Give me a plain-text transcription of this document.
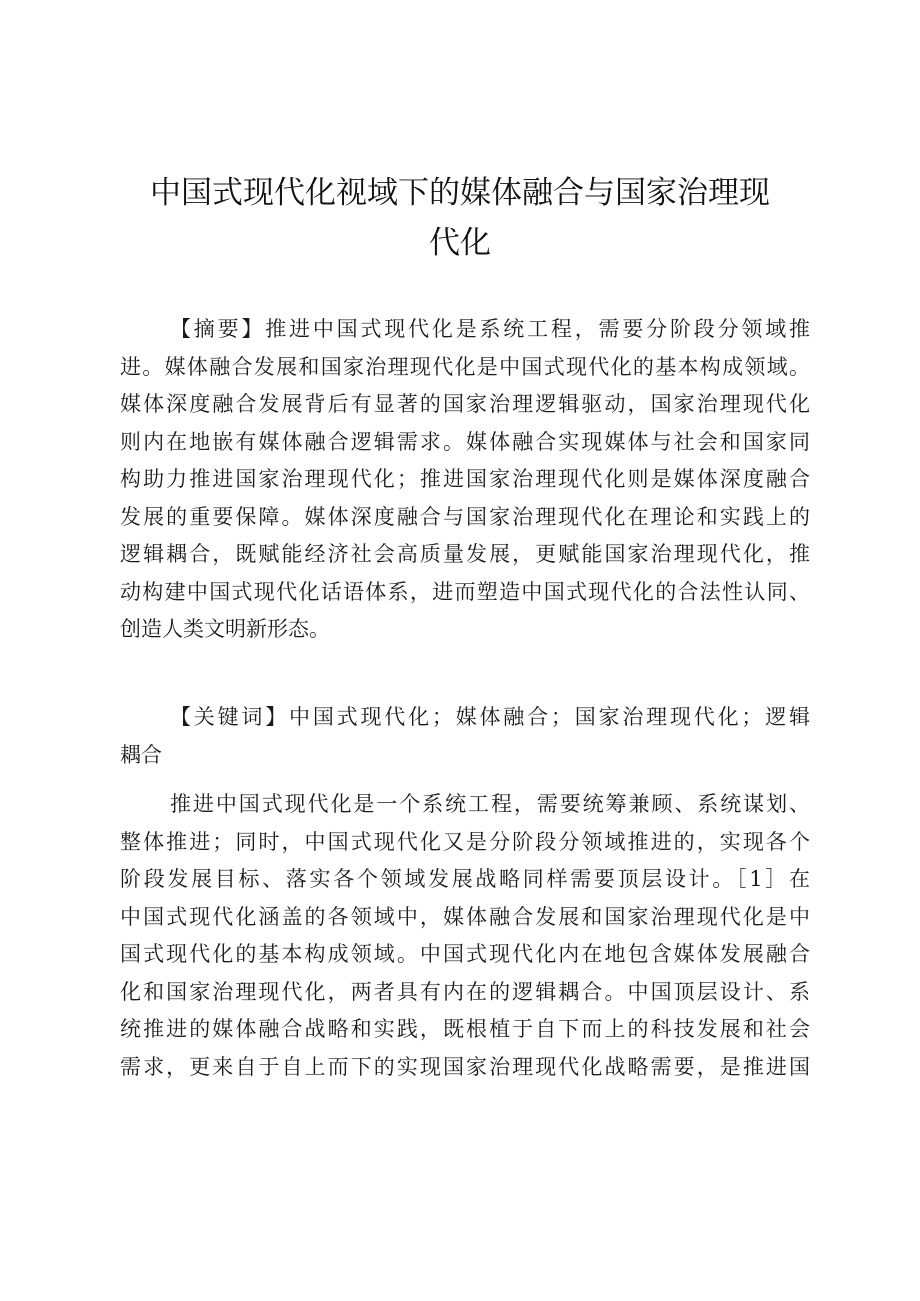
中国式现代化视域下的媒体融合与国家治理现
代化
【摘要】推进中国式现代化是系统工程，需要分阶段分领域推
进。媒体融合发展和国家治理现代化是中国式现代化的基本构成领域。
媒体深度融合发展背后有显著的国家治理逻辑驱动，国家治理现代化
则内在地嵌有媒体融合逻辑需求。媒体融合实现媒体与社会和国家同
构助力推进国家治理现代化；推进国家治理现代化则是媒体深度融合
发展的重要保障。媒体深度融合与国家治理现代化在理论和实践上的
逻辑耦合，既赋能经济社会高质量发展，更赋能国家治理现代化，推
动构建中国式现代化话语体系，进而塑造中国式现代化的合法性认同、
创造人类文明新形态。
【关键词】中国式现代化；媒体融合；国家治理现代化；逻辑
耦合
推进中国式现代化是一个系统工程，需要统筹兼顾、系统谋划、
整体推进；同时，中国式现代化又是分阶段分领域推进的，实现各个
阶段发展目标、落实各个领域发展战略同样需要顶层设计。［1］在
中国式现代化涵盖的各领域中，媒体融合发展和国家治理现代化是中
国式现代化的基本构成领域。中国式现代化内在地包含媒体发展融合
化和国家治理现代化，两者具有内在的逻辑耦合。中国顶层设计、系
统推进的媒体融合战略和实践，既根植于自下而上的科技发展和社会
需求，更来自于自上而下的实现国家治理现代化战略需要，是推进国
